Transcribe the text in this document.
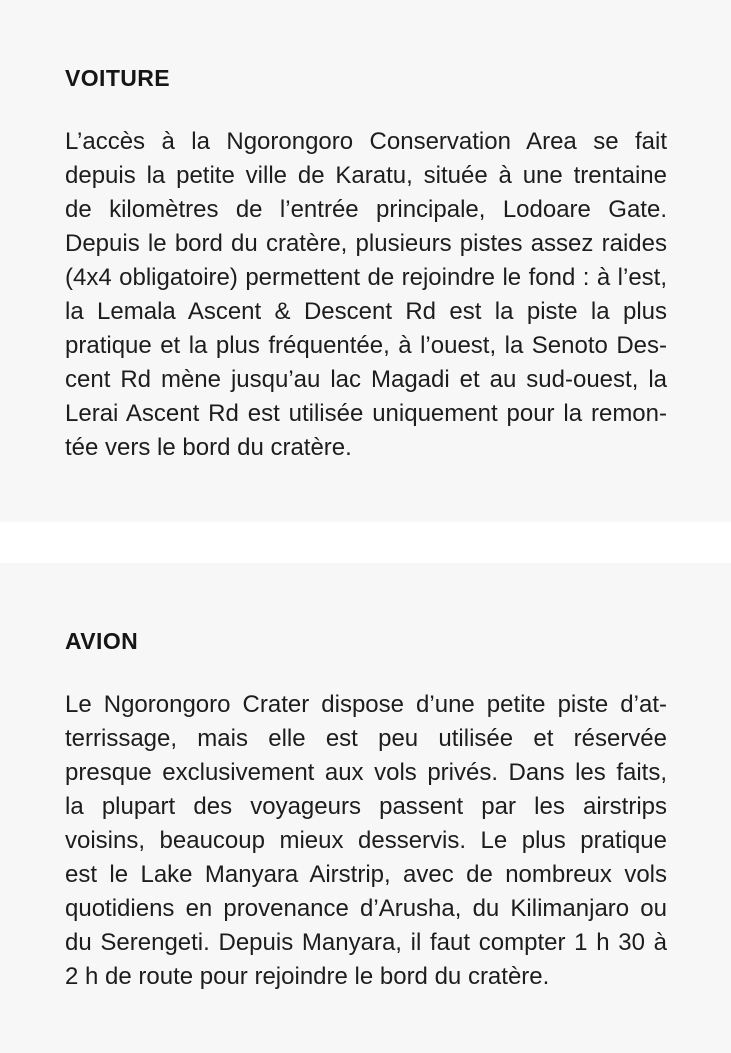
VOITURE
L’accès à la Ngorongoro Conservation Area se fait
depuis la petite ville de Karatu, située à une trentaine
de kilomètres de l’entrée principale, Lodoare Gate.
Depuis le bord du cratère, plusieurs pistes assez raides
(4x4 obligatoire) permettent de rejoindre le fond : à l’est,
la Lemala Ascent & Descent Rd est la piste la plus
pratique et la plus fréquentée, à l’ouest, la Senoto Des-
cent Rd mène jusqu’au lac Magadi et au sud-ouest, la
Lerai Ascent Rd est utilisée uniquement pour la remon-
tée vers le bord du cratère.
AVION
Le Ngorongoro Crater dispose d’une petite piste d’at-
terrissage, mais elle est peu utilisée et réservée
presque exclusivement aux vols privés. Dans les faits,
la plupart des voyageurs passent par les airstrips
voisins, beaucoup mieux desservis. Le plus pratique
est le Lake Manyara Airstrip, avec de nombreux vols
quotidiens en provenance d’Arusha, du Kilimanjaro ou
du Serengeti. Depuis Manyara, il faut compter 1 h 30 à
2 h de route pour rejoindre le bord du cratère.
